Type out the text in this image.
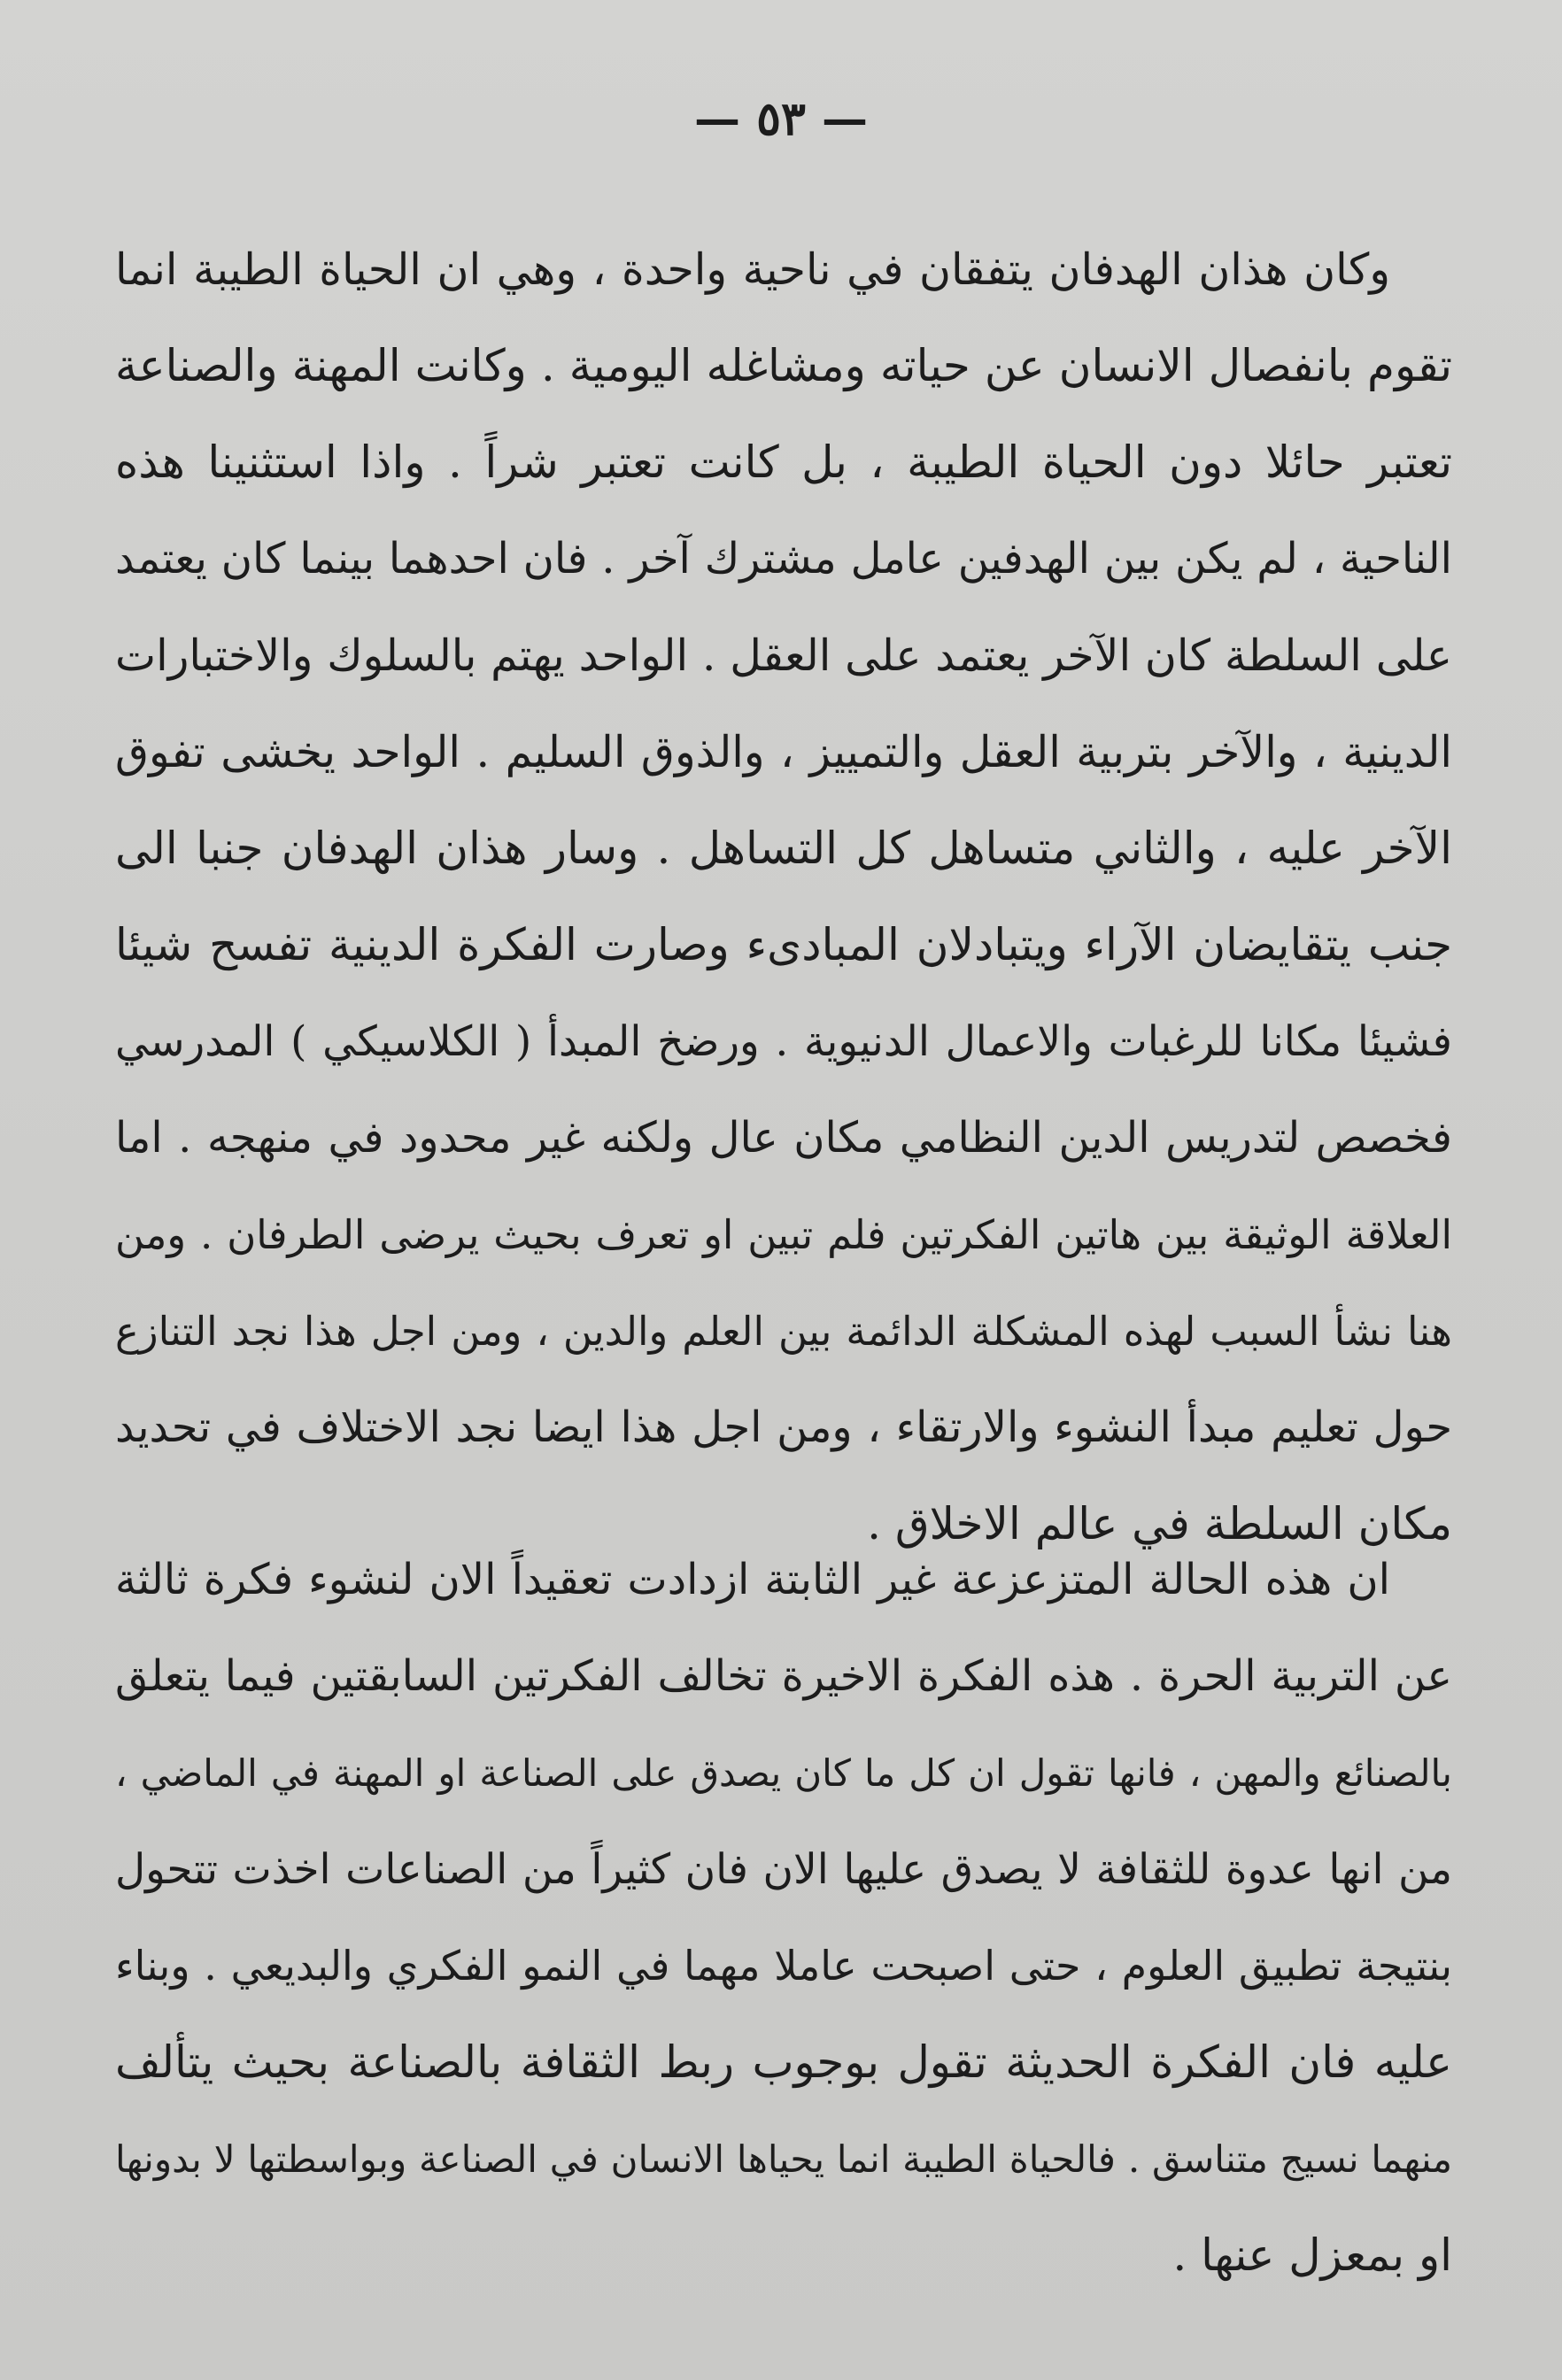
— ٥٣ —
وكان هذان الهدفان يتفقان في ناحية واحدة ، وهي ان الحياة الطيبة انما
تقوم بانفصال الانسان عن حياته ومشاغله اليومية . وكانت المهنة والصناعة
تعتبر حائلا دون الحياة الطيبة ، بل كانت تعتبر شراً . واذا استثنينا هذه
الناحية ، لم يكن بين الهدفين عامل مشترك آخر . فان احدهما بينما كان يعتمد
على السلطة كان الآخر يعتمد على العقل . الواحد يهتم بالسلوك والاختبارات
الدينية ، والآخر بتربية العقل والتمييز ، والذوق السليم . الواحد يخشى تفوق
الآخر عليه ، والثاني متساهل كل التساهل . وسار هذان الهدفان جنبا الى
جنب يتقايضان الآراء ويتبادلان المبادىء وصارت الفكرة الدينية تفسح شيئا
فشيئا مكانا للرغبات والاعمال الدنيوية . ورضخ المبدأ ( الكلاسيكي ) المدرسي
فخصص لتدريس الدين النظامي مكان عال ولكنه غير محدود في منهجه . اما
العلاقة الوثيقة بين هاتين الفكرتين فلم تبين او تعرف بحيث يرضى الطرفان . ومن
هنا نشأ السبب لهذه المشكلة الدائمة بين العلم والدين ، ومن اجل هذا نجد التنازع
حول تعليم مبدأ النشوء والارتقاء ، ومن اجل هذا ايضا نجد الاختلاف في تحديد
مكان السلطة في عالم الاخلاق .
ان هذه الحالة المتزعزعة غير الثابتة ازدادت تعقيداً الان لنشوء فكرة ثالثة
عن التربية الحرة . هذه الفكرة الاخيرة تخالف الفكرتين السابقتين فيما يتعلق
بالصنائع والمهن ، فانها تقول ان كل ما كان يصدق على الصناعة او المهنة في الماضي ،
من انها عدوة للثقافة لا يصدق عليها الان فان كثيراً من الصناعات اخذت تتحول
بنتيجة تطبيق العلوم ، حتى اصبحت عاملا مهما في النمو الفكري والبديعي . وبناء
عليه فان الفكرة الحديثة تقول بوجوب ربط الثقافة بالصناعة بحيث يتألف
منهما نسيج متناسق . فالحياة الطيبة انما يحياها الانسان في الصناعة وبواسطتها لا بدونها
او بمعزل عنها .
